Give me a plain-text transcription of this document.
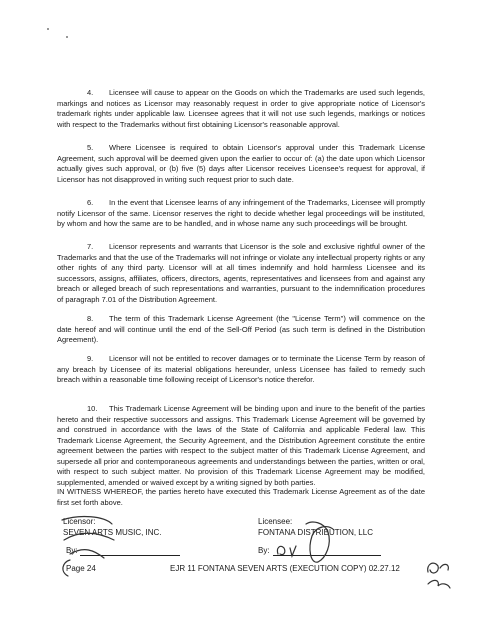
4. Licensee will cause to appear on the Goods on which the Trademarks are used such legends, markings and notices as Licensor may reasonably request in order to give appropriate notice of Licensor's trademark rights under applicable law. Licensee agrees that it will not use such legends, markings or notices with respect to the Trademarks without first obtaining Licensor's reasonable approval.

5. Where Licensee is required to obtain Licensor's approval under this Trademark License Agreement, such approval will be deemed given upon the earlier to occur of: (a) the date upon which Licensor actually gives such approval, or (b) five (5) days after Licensor receives Licensee's request for approval, if Licensor has not disapproved in writing such request prior to such date.

6. In the event that Licensee learns of any infringement of the Trademarks, Licensee will promptly notify Licensor of the same. Licensor reserves the right to decide whether legal proceedings will be instituted, by whom and how the same are to be handled, and in whose name any such proceedings will be brought.

7. Licensor represents and warrants that Licensor is the sole and exclusive rightful owner of the Trademarks and that the use of the Trademarks will not infringe or violate any intellectual property rights or any other rights of any third party. Licensor will at all times indemnify and hold harmless Licensee and its successors, assigns, affiliates, officers, directors, agents, representatives and licensees from and against any breach or alleged breach of such representations and warranties, pursuant to the indemnification procedures of paragraph 7.01 of the Distribution Agreement.

8. The term of this Trademark License Agreement (the "License Term") will commence on the date hereof and will continue until the end of the Sell-Off Period (as such term is defined in the Distribution Agreement).

9. Licensor will not be entitled to recover damages or to terminate the License Term by reason of any breach by Licensee of its material obligations hereunder, unless Licensee has failed to remedy such breach within a reasonable time following receipt of Licensor's notice therefor.

10. This Trademark License Agreement will be binding upon and inure to the benefit of the parties hereto and their respective successors and assigns. This Trademark License Agreement will be governed by and construed in accordance with the laws of the State of California and applicable Federal law. This Trademark License Agreement, the Security Agreement, and the Distribution Agreement constitute the entire agreement between the parties with respect to the subject matter of this Trademark License Agreement, and supersede all prior and contemporaneous agreements and understandings between the parties, written or oral, with respect to such subject matter. No provision of this Trademark License Agreement may be modified, supplemented, amended or waived except by a writing signed by both parties.

IN WITNESS WHEREOF, the parties hereto have executed this Trademark License Agreement as of the date first set forth above.

Licensor:
SEVEN ARTS MUSIC, INC.
By:
Licensee:
FONTANA DISTRIBUTION, LLC
By:
Page 24	EJR 11 FONTANA SEVEN ARTS (EXECUTION COPY) 02.27.12
